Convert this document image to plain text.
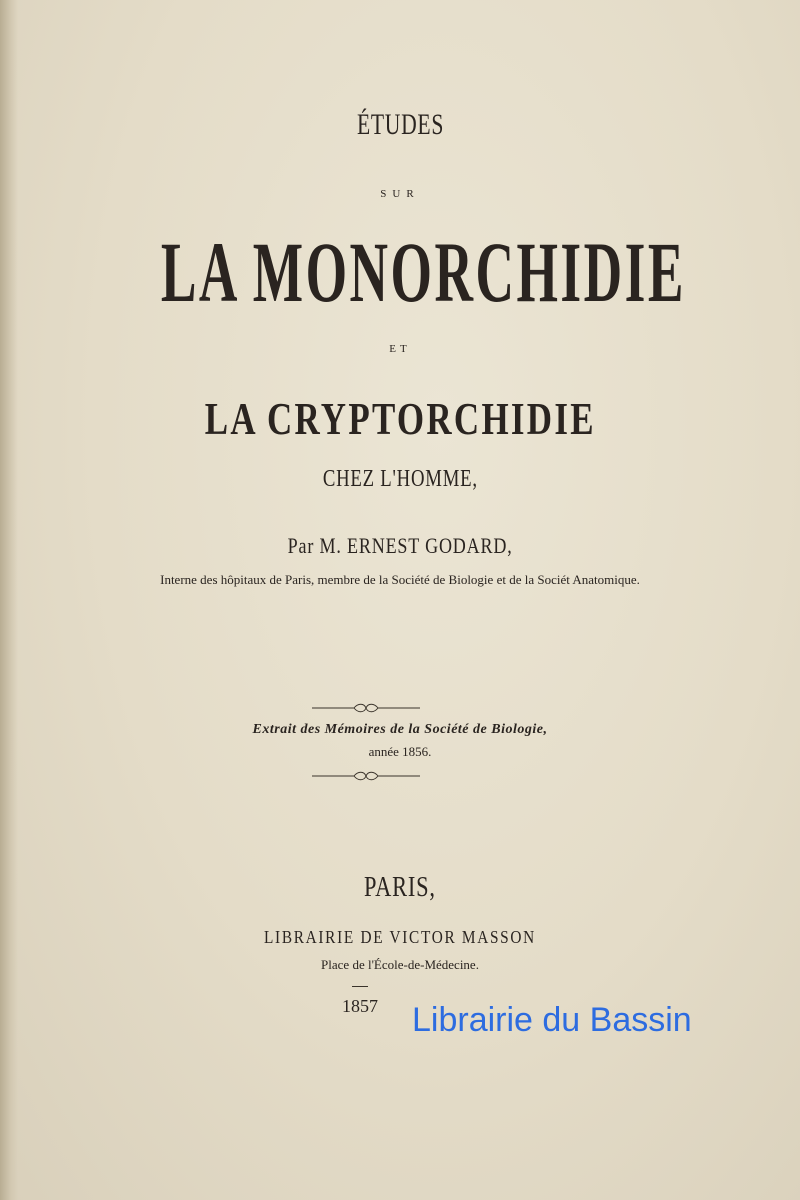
ÉTUDES
SUR
LA MONORCHIDIE
ET
LA CRYPTORCHIDIE
CHEZ L'HOMME,
Par M. ERNEST GODARD,
Interne des hôpitaux de Paris, membre de la Société de Biologie et de la Sociét Anatomique.
Extrait des Mémoires de la Société de Biologie,
année 1856.
PARIS,
LIBRAIRIE DE VICTOR MASSON
Place de l'École-de-Médecine.
1857	Librairie du Bassin
